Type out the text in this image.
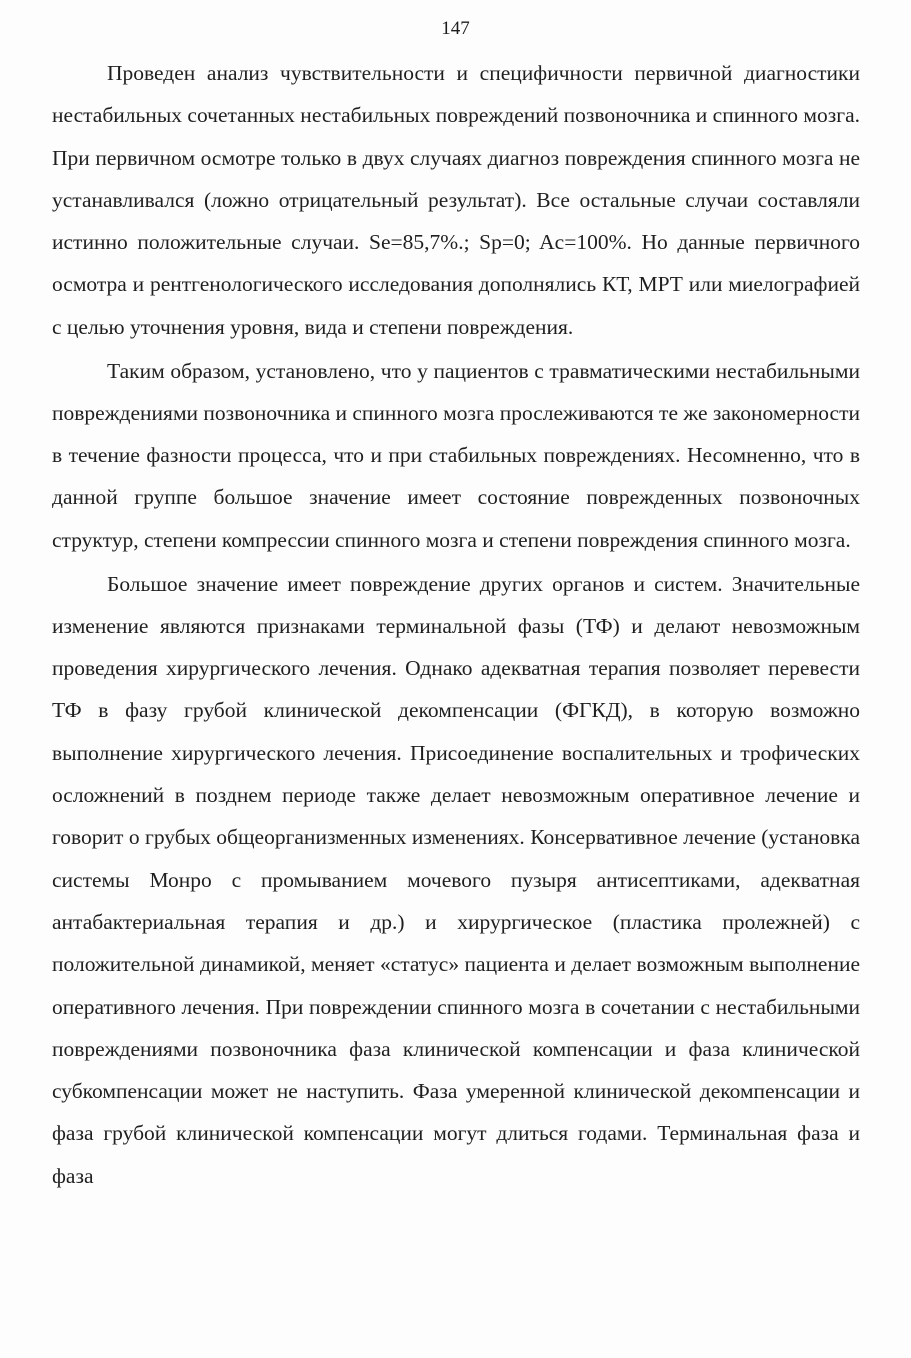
147

Проведен анализ чувствительности и специфичности первичной диагностики нестабильных сочетанных нестабильных повреждений позвоночника и спинного мозга. При первичном осмотре только в двух случаях диагноз повреждения спинного мозга не устанавливался (ложно отрицательный результат). Все остальные случаи составляли истинно положительные случаи. Se=85,7%.; Sp=0; Ac=100%. Но данные первичного осмотра и рентгенологического исследования дополнялись КТ, МРТ или миелографией с целью уточнения уровня, вида и степени повреждения.

Таким образом, установлено, что у пациентов с травматическими нестабильными повреждениями позвоночника и спинного мозга прослеживаются те же закономерности в течение фазности процесса, что и при стабильных повреждениях. Несомненно, что в данной группе большое значение имеет состояние поврежденных позвоночных структур, степени компрессии спинного мозга и степени повреждения спинного мозга.

Большое значение имеет повреждение других органов и систем. Значительные изменение являются признаками терминальной фазы (ТФ) и делают невозможным проведения хирургического лечения. Однако адекватная терапия позволяет перевести ТФ в фазу грубой клинической декомпенсации (ФГКД), в которую возможно выполнение хирургического лечения. Присоединение воспалительных и трофических осложнений в позднем периоде также делает невозможным оперативное лечение и говорит о грубых общеорганизменных изменениях. Консервативное лечение (установка системы Монро с промыванием мочевого пузыря антисептиками, адекватная антабактериальная терапия и др.) и хирургическое (пластика пролежней) с положительной динамикой, меняет «статус» пациента и делает возможным выполнение оперативного лечения. При повреждении спинного мозга в сочетании с нестабильными повреждениями позвоночника фаза клинической компенсации и фаза клинической субкомпенсации может не наступить. Фаза умеренной клинической декомпенсации и фаза грубой клинической компенсации могут длиться годами. Терминальная фаза и фаза
